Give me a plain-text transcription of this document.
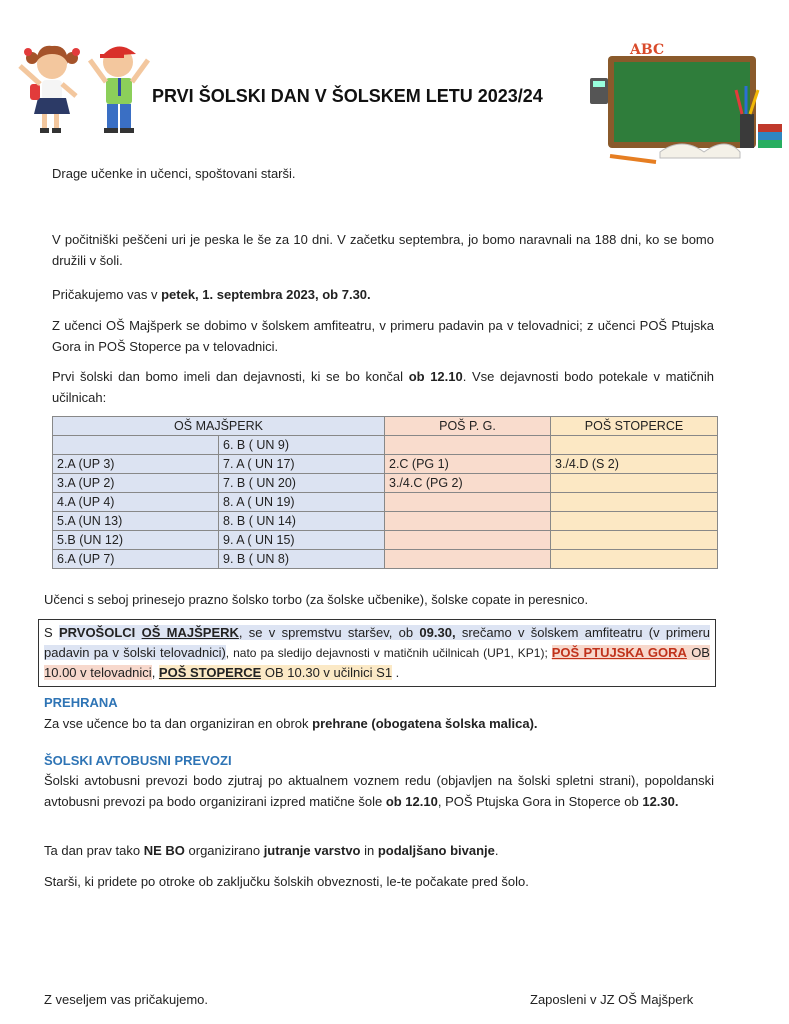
ABC
PRVI ŠOLSKI DAN V ŠOLSKEM LETU 2023/24
Drage učenke in učenci, spoštovani starši.
V počitniški peščeni uri je peska le še za 10 dni. V začetku septembra, jo bomo naravnali na 188 dni, ko se bomo družili v šoli.
Pričakujemo vas v petek, 1. septembra 2023, ob 7.30.
Z učenci OŠ Majšperk se dobimo v šolskem amfiteatru, v primeru padavin pa v telovadnici; z učenci POŠ Ptujska Gora in POŠ Stoperce pa v telovadnici.
Prvi šolski dan bomo imeli dan dejavnosti, ki se bo končal ob 12.10. Vse dejavnosti bodo potekale v matičnih učilnicah:
OŠ MAJŠPERK		POŠ P. G.	POŠ STOPERCE
	6. B ( UN 9)		
2.A (UP 3)	7. A ( UN 17)	2.C (PG 1)	3./4.D (S 2)
3.A (UP 2)	7. B ( UN 20)	3./4.C (PG 2)	
4.A (UP 4)	8. A ( UN 19)		
5.A (UN 13)	8. B ( UN 14)		
5.B (UN 12)	9. A ( UN 15)		
6.A (UP 7)	9. B ( UN 8)		
Učenci s seboj prinesejo prazno šolsko torbo (za šolske učbenike), šolske copate in peresnico.
S PRVOŠOLCI OŠ MAJŠPERK, se v spremstvu staršev, ob 09.30, srečamo v šolskem amfiteatru (v primeru padavin pa v šolski telovadnici), nato pa sledijo dejavnosti v matičnih učilnicah (UP1, KP1); POŠ PTUJSKA GORA OB 10.00 v telovadnici, POŠ STOPERCE OB 10.30 v učilnici S1 .
PREHRANA
Za vse učence bo ta dan organiziran en obrok prehrane (obogatena šolska malica).
ŠOLSKI AVTOBUSNI PREVOZI
Šolski avtobusni prevozi bodo zjutraj po aktualnem voznem redu (objavljen na šolski spletni strani), popoldanski avtobusni prevozi pa bodo organizirani izpred matične šole ob 12.10, POŠ Ptujska Gora in Stoperce ob 12.30.
Ta dan prav tako NE BO organizirano jutranje varstvo in podaljšano bivanje.
Starši, ki pridete po otroke ob zaključku šolskih obveznosti, le-te počakate pred šolo.
Z veseljem vas pričakujemo.	Zaposleni v JZ OŠ Majšperk
